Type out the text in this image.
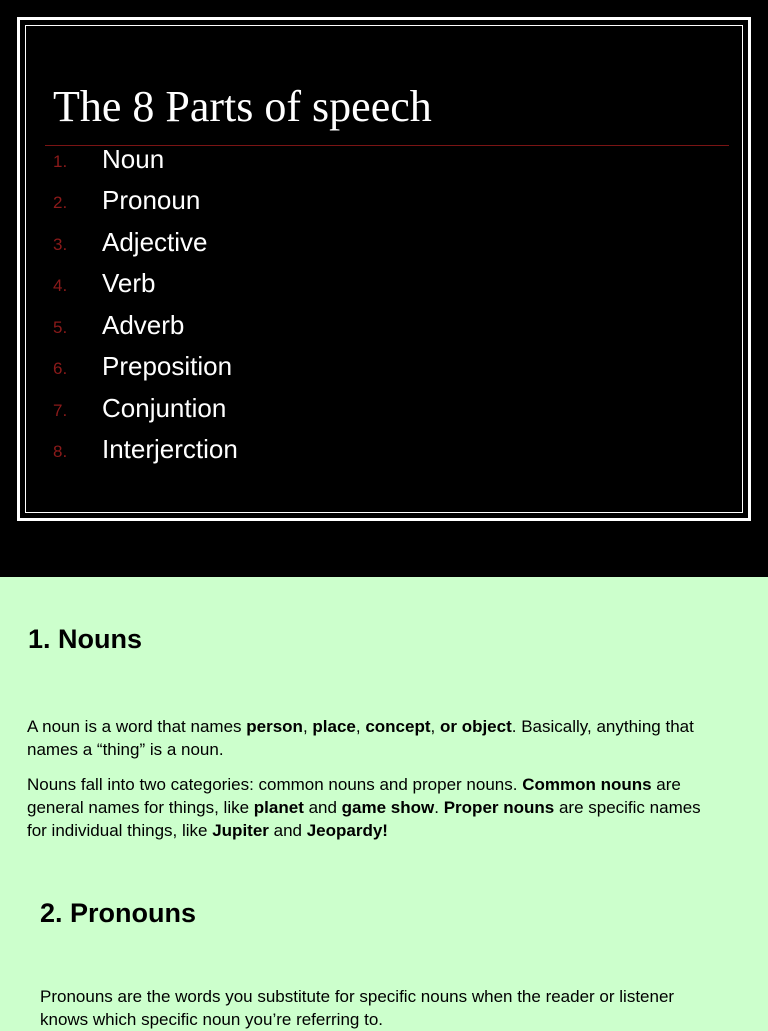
The 8 Parts of speech
1. Noun
2. Pronoun
3. Adjective
4. Verb
5. Adverb
6. Preposition
7. Conjuntion
8. Interjerction
1. Nouns

A noun is a word that names person, place, concept, or object. Basically, anything that names a “thing” is a noun.

Nouns fall into two categories: common nouns and proper nouns. Common nouns are general names for things, like planet and game show. Proper nouns are specific names for individual things, like Jupiter and Jeopardy!

2. Pronouns

Pronouns are the words you substitute for specific nouns when the reader or listener knows which specific noun you’re referring to.
